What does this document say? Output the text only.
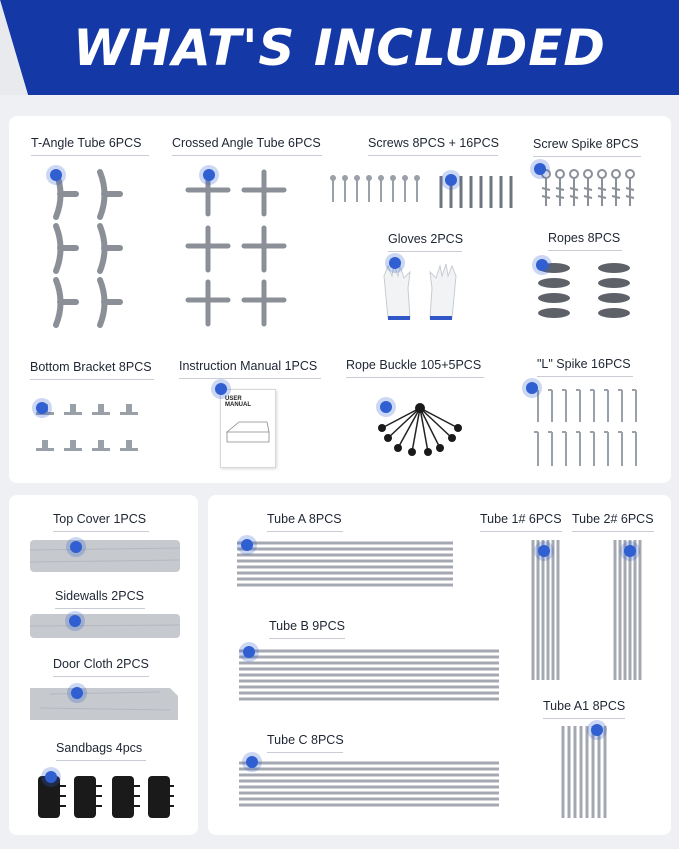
WHAT'S INCLUDED
T-Angle Tube 6PCS Crossed Angle Tube 6PCS	Screws 8PCS + 16PCS	Screw Spike 8PCS
Gloves 2PCS	Ropes 8PCS
Bottom Bracket 8PCS Instruction Manual 1PCS Rope Buckle 105+5PCS	"L" Spike 16PCS
Top Cover 1PCS
Sidewalls 2PCS
Door Cloth 2PCS
Sandbags 4pcs
Tube A 8PCS
Tube B 9PCS
Tube C 8PCS
Tube 1# 6PCS Tube 2# 6PCS
Tube A1 8PCS
USER
MANUAL
